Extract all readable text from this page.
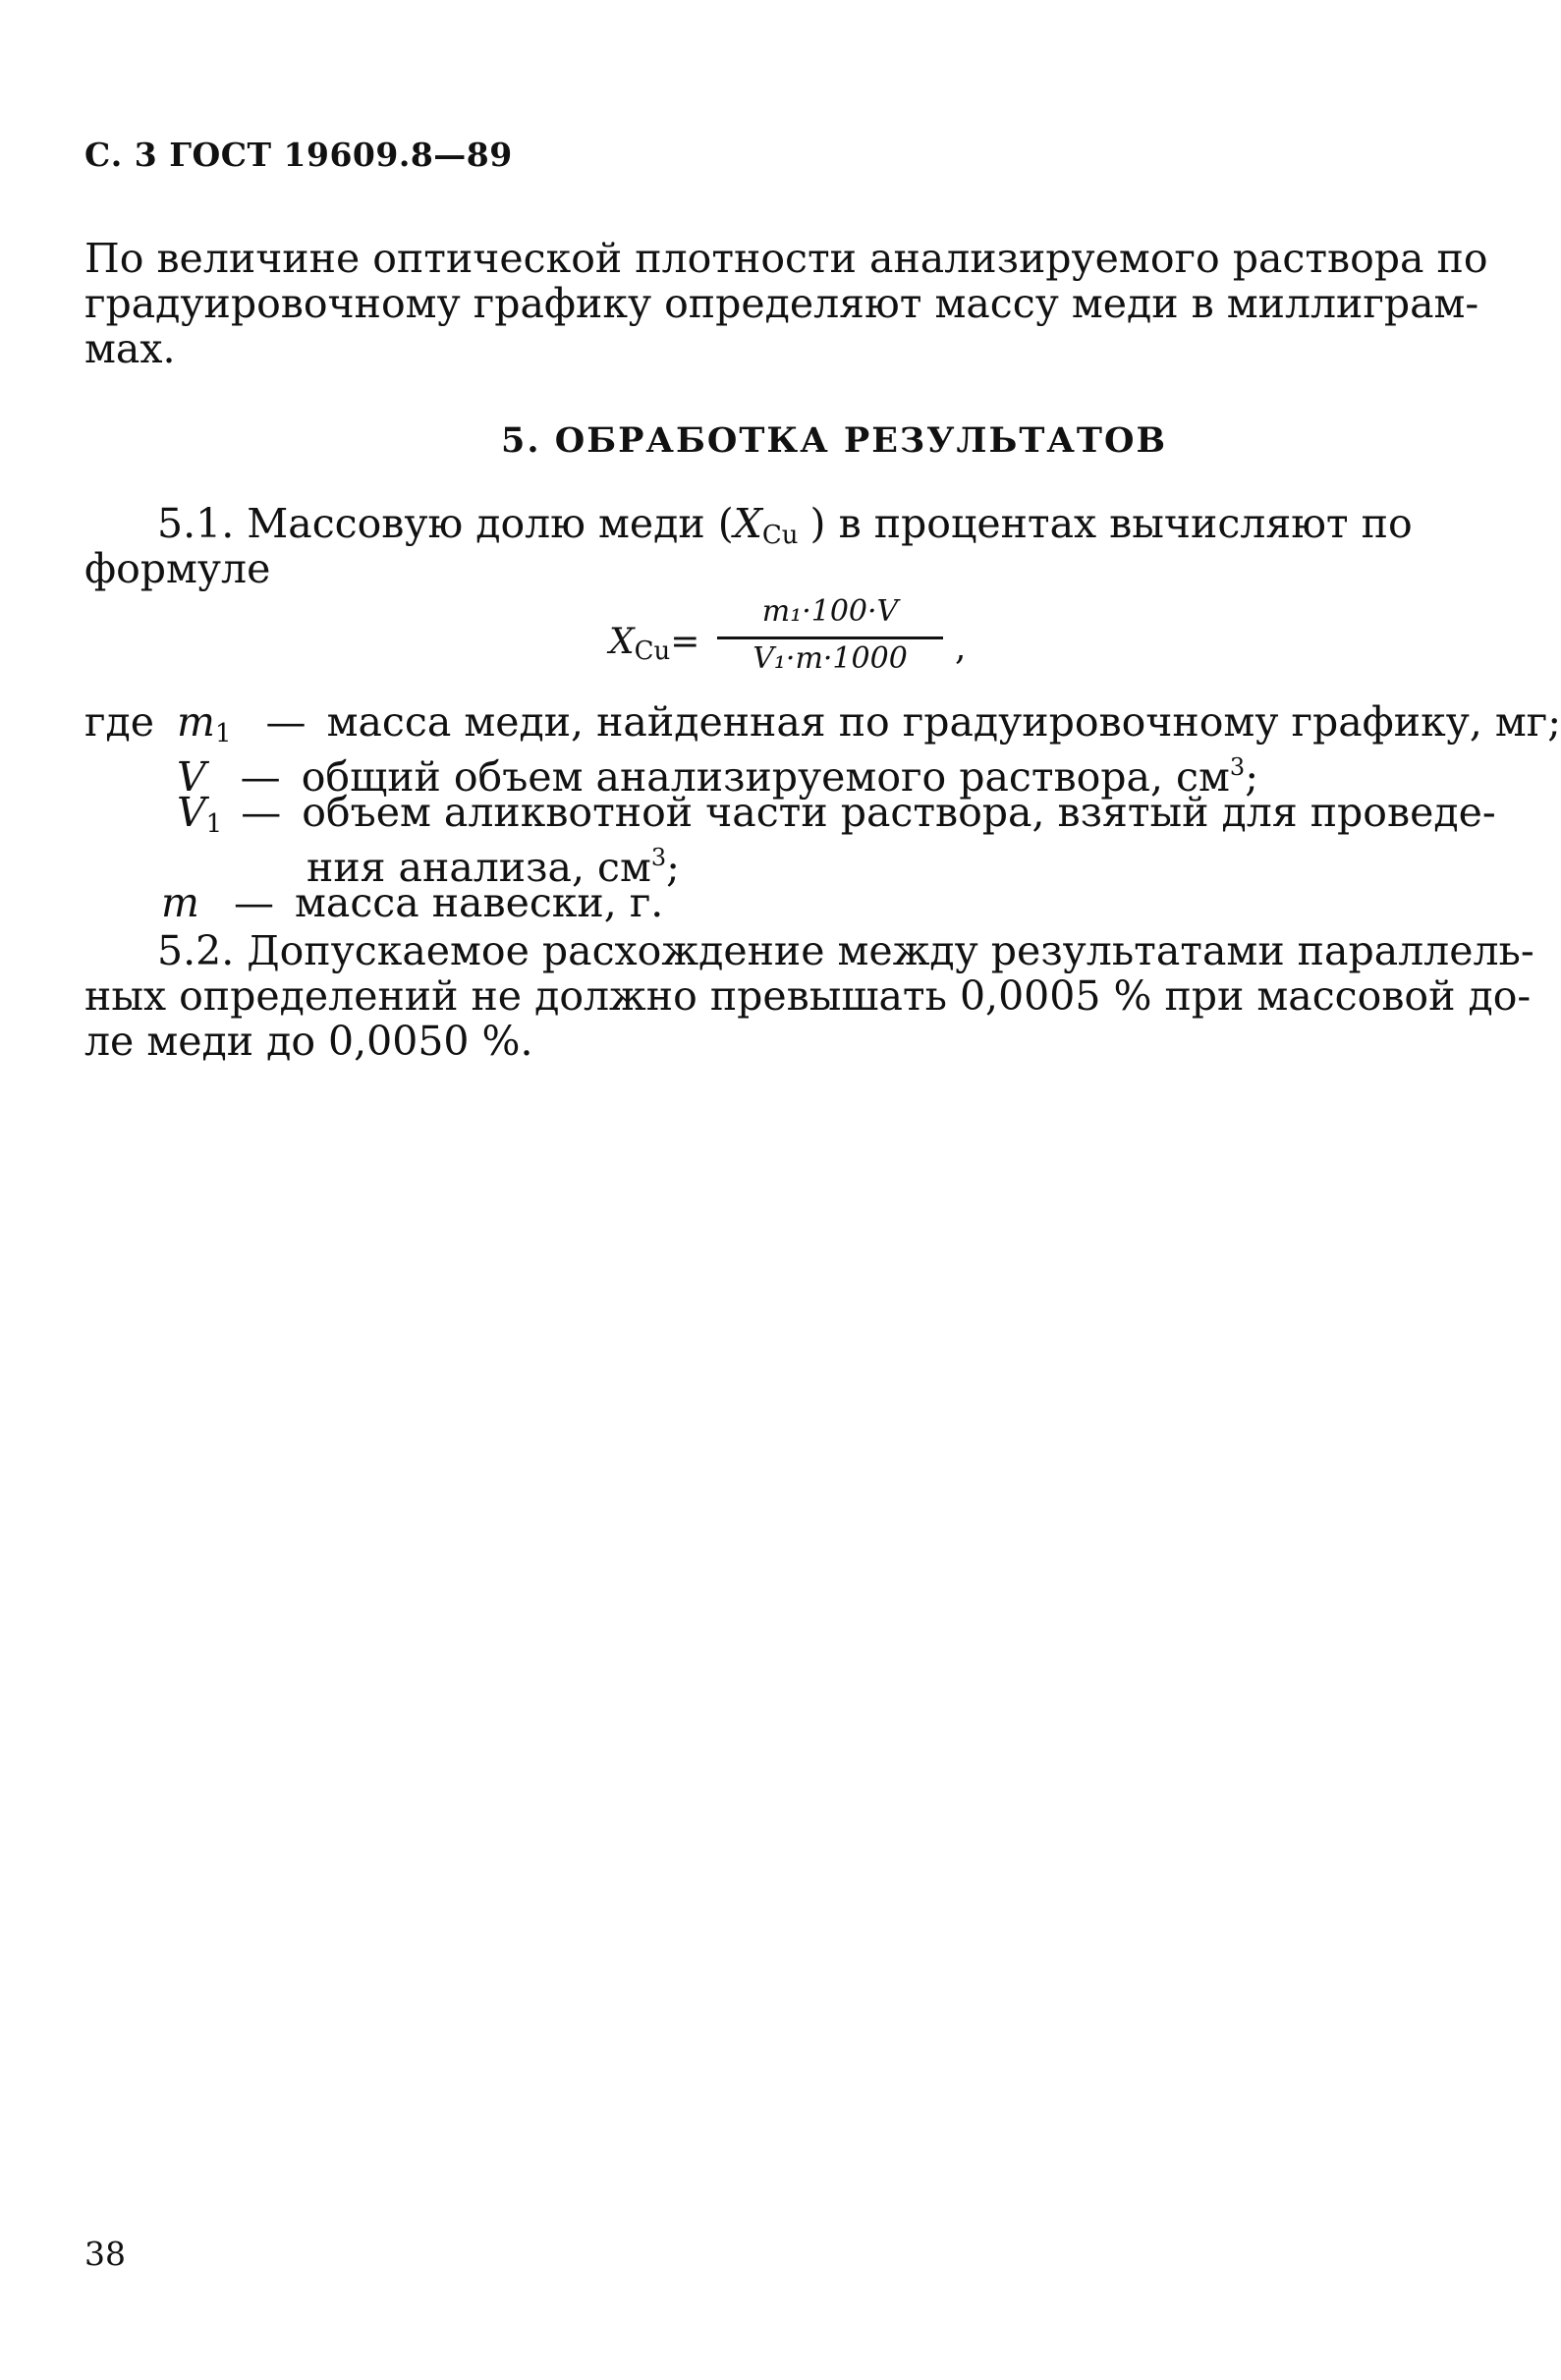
С. 3 ГОСТ 19609.8—89
По величине оптической плотности анализируемого раствора по
градуировочному графику определяют массу меди в миллиграм-
мах.
5. ОБРАБОТКА РЕЗУЛЬТАТОВ
5.1. Массовую долю меди ($X_{Cu}$ ) в процентах вычисляют по
формуле
$X_{Cu}=$
m₁·100·V
V₁·m·1000	,
где $m_1$ — масса меди, найденная по градуировочному графику, мг;
V — общий объем анализируемого раствора, $см^3$;
$V_1$ — объем аликвотной части раствора, взятый для проведе-
ния анализа, $см^3$;
m — масса навески, г.
5.2. Допускаемое расхождение между результатами параллель-
ных определений не должно превышать 0,0005 % при массовой до-
ле меди до 0,0050 %.
38
